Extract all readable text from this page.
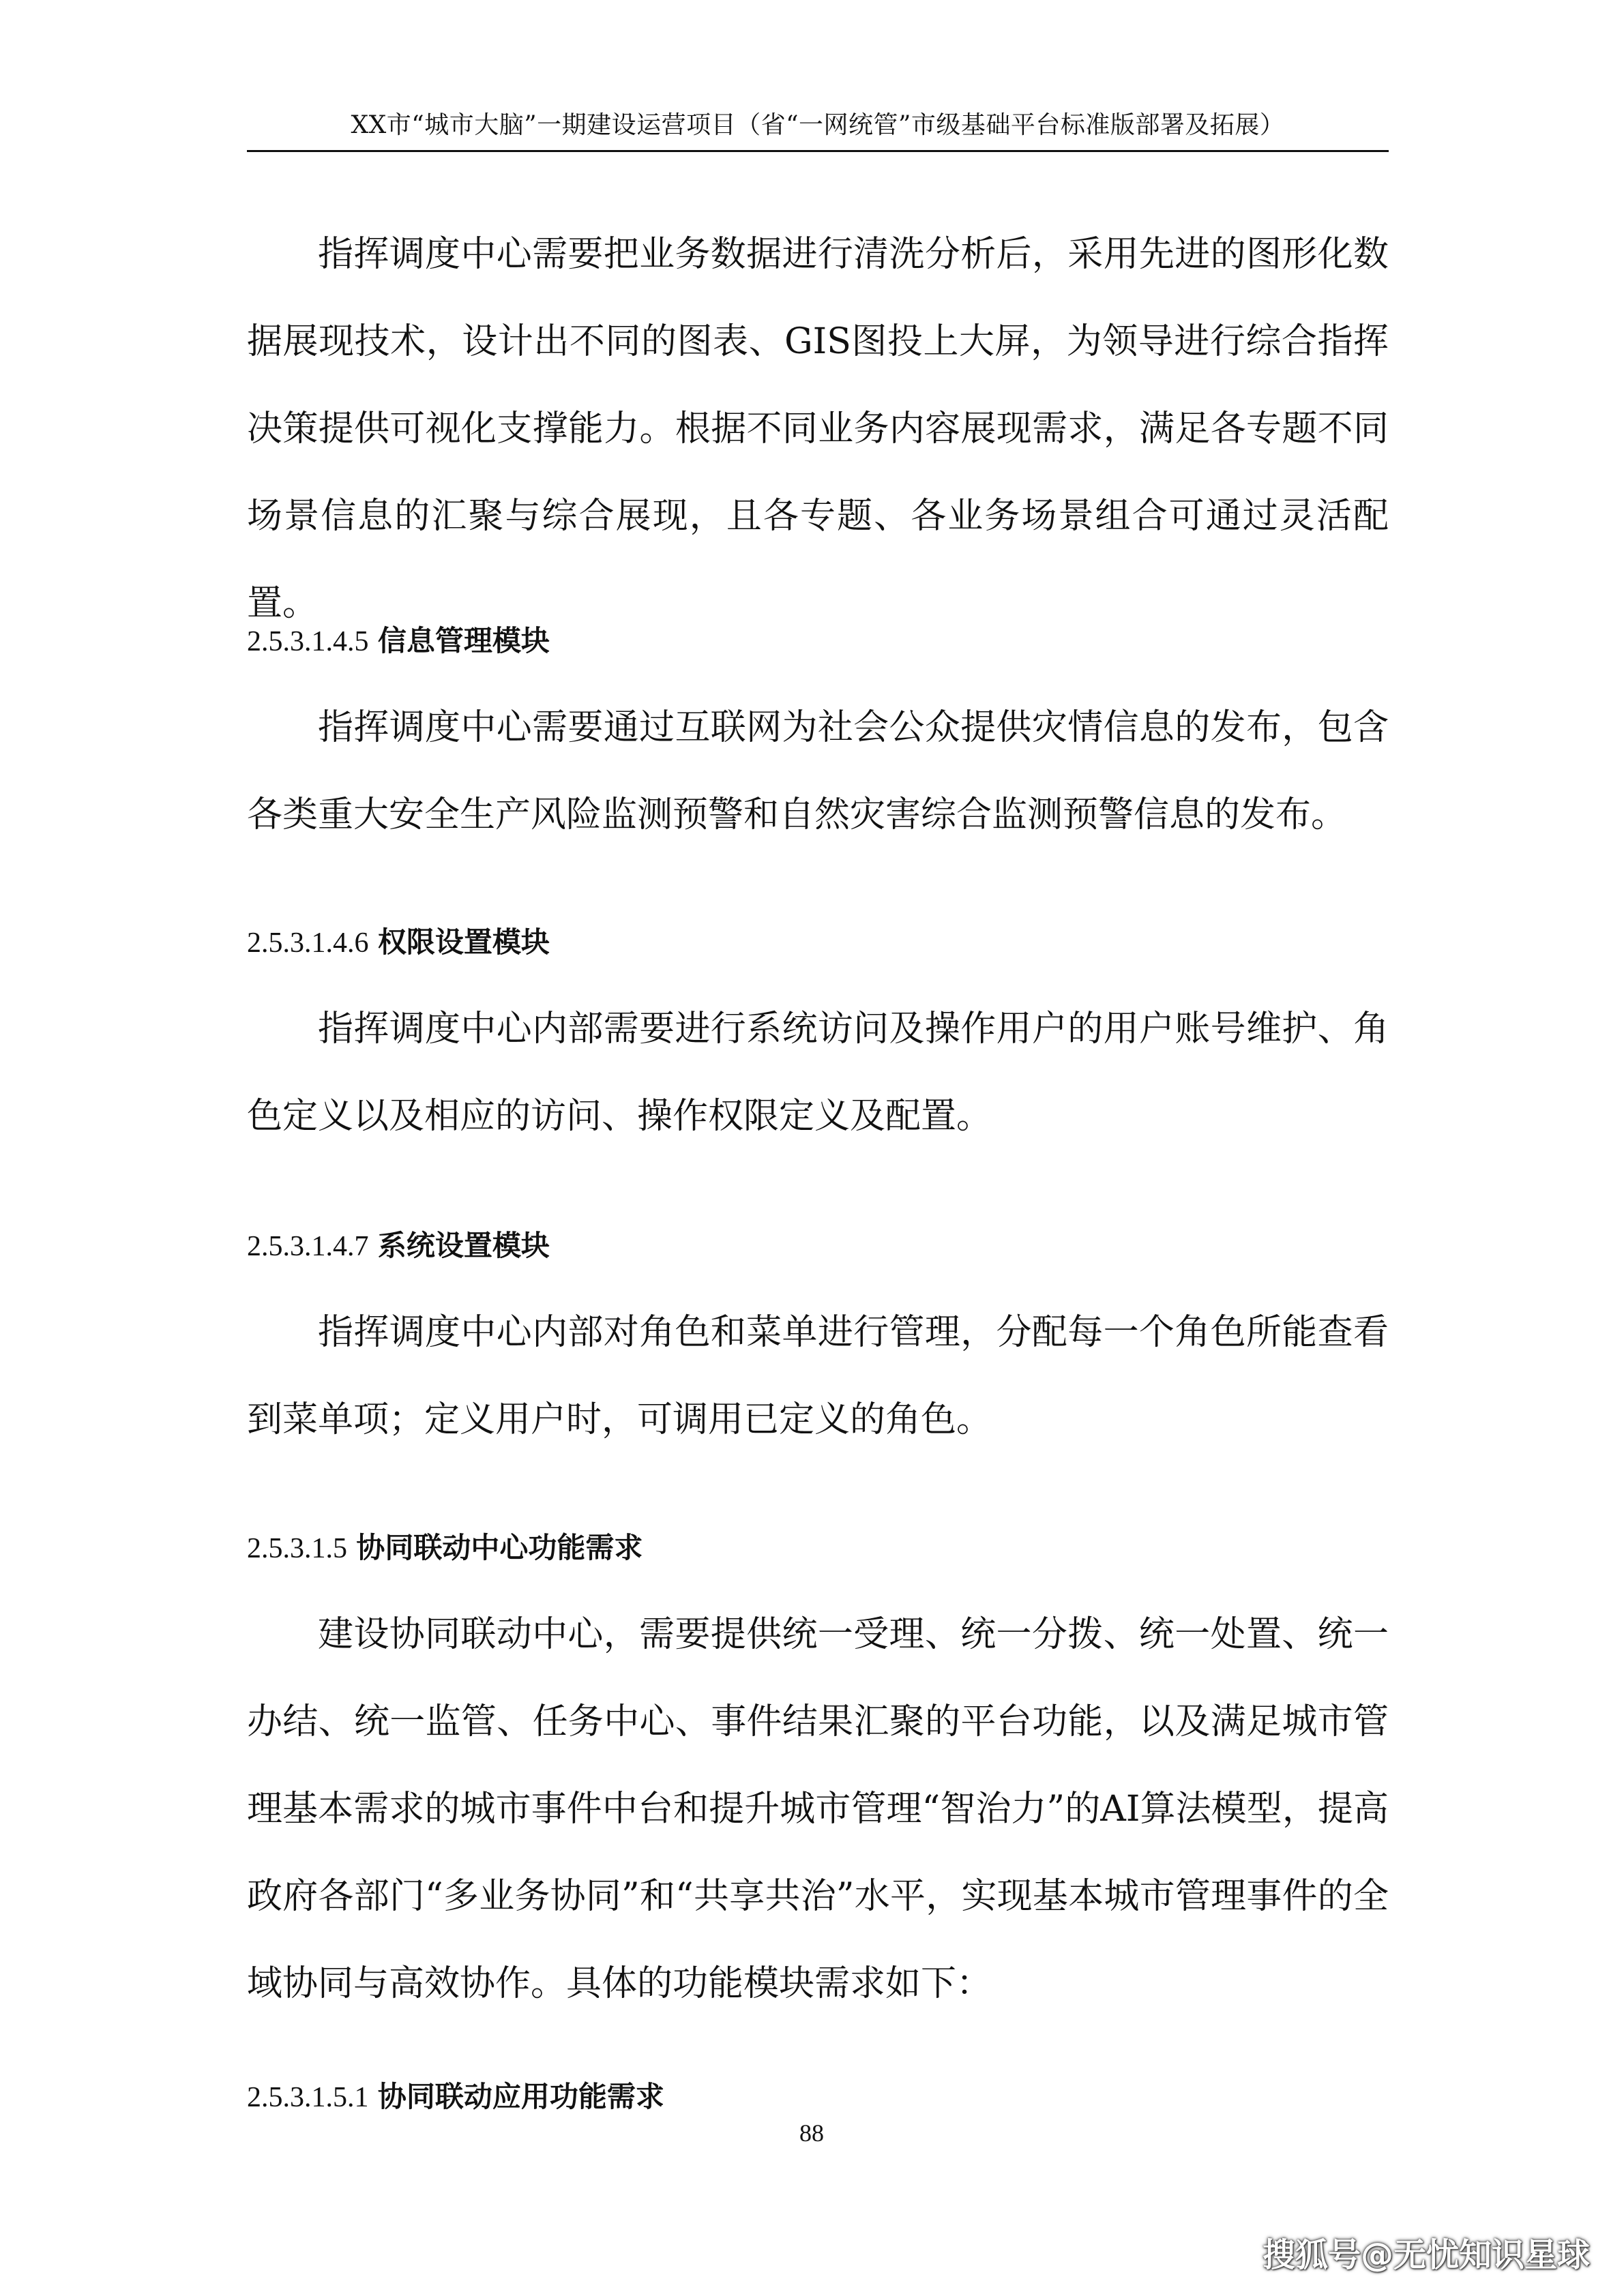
XX市“城市大脑”一期建设运营项目（省“一网统管”市级基础平台标准版部署及拓展）

指挥调度中心需要把业务数据进行清洗分析后，采用先进的图形化数据展现技术，设计出不同的图表、GIS图投上大屏，为领导进行综合指挥决策提供可视化支撑能力。根据不同业务内容展现需求，满足各专题不同场景信息的汇聚与综合展现，且各专题、各业务场景组合可通过灵活配置。

2.5.3.1.4.5 信息管理模块

指挥调度中心需要通过互联网为社会公众提供灾情信息的发布，包含各类重大安全生产风险监测预警和自然灾害综合监测预警信息的发布。

2.5.3.1.4.6 权限设置模块

指挥调度中心内部需要进行系统访问及操作用户的用户账号维护、角色定义以及相应的访问、操作权限定义及配置。

2.5.3.1.4.7 系统设置模块

指挥调度中心内部对角色和菜单进行管理，分配每一个角色所能查看到菜单项；定义用户时，可调用已定义的角色。

2.5.3.1.5 协同联动中心功能需求

建设协同联动中心，需要提供统一受理、统一分拨、统一处置、统一办结、统一监管、任务中心、事件结果汇聚的平台功能，以及满足城市管理基本需求的城市事件中台和提升城市管理“智治力”的AI算法模型，提高政府各部门“多业务协同”和“共享共治”水平，实现基本城市管理事件的全域协同与高效协作。具体的功能模块需求如下：

2.5.3.1.5.1 协同联动应用功能需求
88
搜狐号@无忧知识星球
